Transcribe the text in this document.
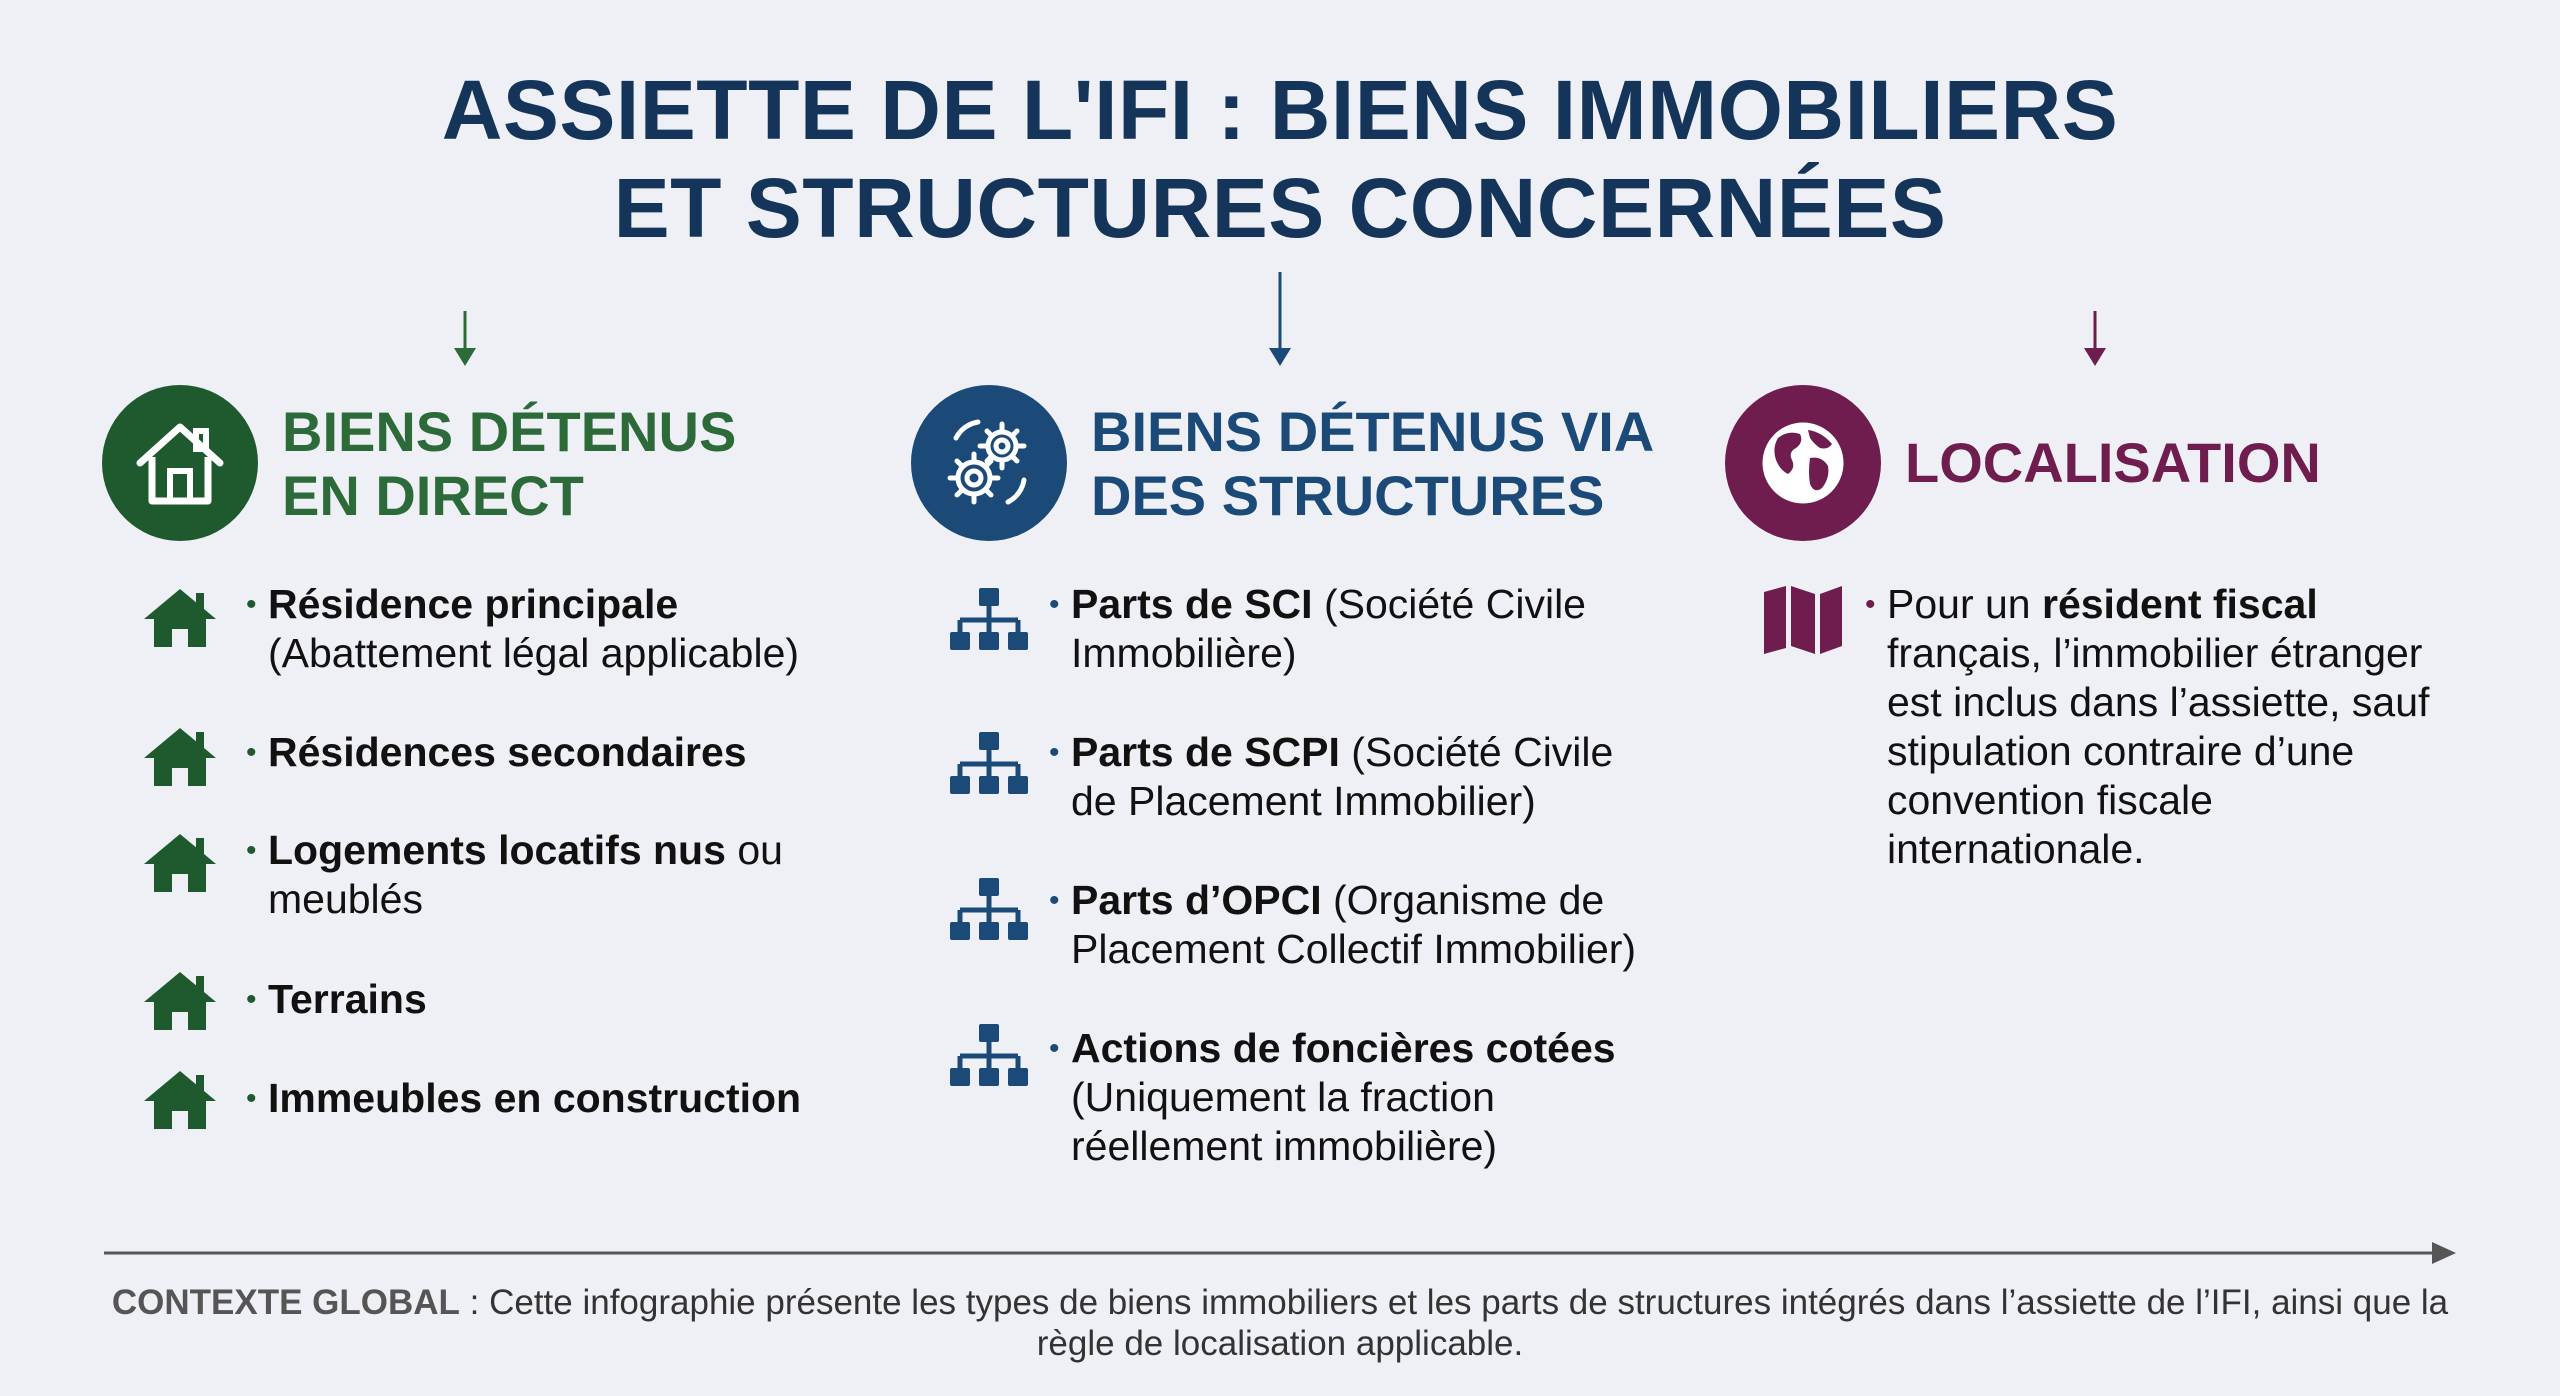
ASSIETTE DE L'IFI : BIENS IMMOBILIERS
ET STRUCTURES CONCERNÉES
BIENS DÉTENUS
EN DIRECT
• Résidence principale
(Abattement légal applicable)
• Résidences secondaires
• Logements locatifs nus ou meublés
• Terrains
• Immeubles en construction
BIENS DÉTENUS VIA
DES STRUCTURES
• Parts de SCI (Société Civile Immobilière)
• Parts de SCPI (Société Civile de Placement Immobilier)
• Parts d’OPCI (Organisme de Placement Collectif Immobilier)
• Actions de foncières cotées (Uniquement la fraction réellement immobilière)
LOCALISATION
• Pour un résident fiscal français, l’immobilier étranger est inclus dans l’assiette, sauf stipulation contraire d’une convention fiscale internationale.
CONTEXTE GLOBAL : Cette infographie présente les types de biens immobiliers et les parts de structures intégrés dans l’assiette de l’IFI, ainsi que la règle de localisation applicable.
